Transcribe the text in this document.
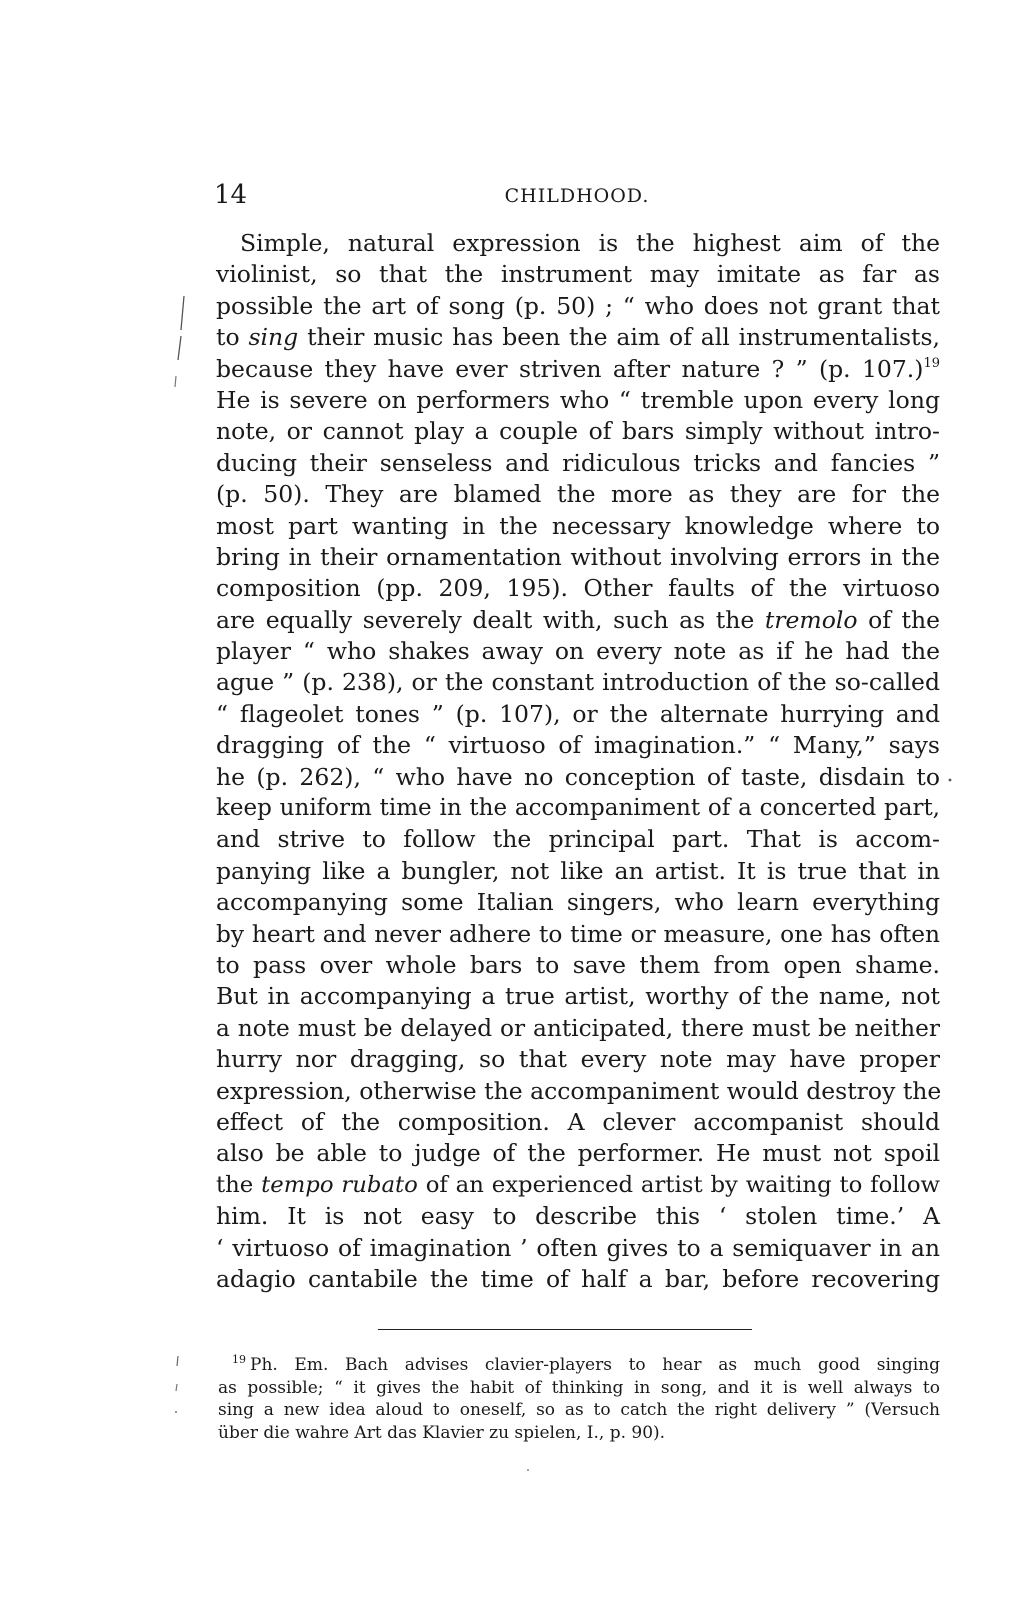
14	CHILDHOOD.
Simple, natural expression is the highest aim of the
violinist, so that the instrument may imitate as far as
possible the art of song (p. 50) ; “ who does not grant that
to sing their music has been the aim of all instrumentalists,
because they have ever striven after nature ? ” (p. 107.)$^{19}$
He is severe on performers who “ tremble upon every long
note, or cannot play a couple of bars simply without intro-
ducing their senseless and ridiculous tricks and fancies ”
(p. 50). They are blamed the more as they are for the
most part wanting in the necessary knowledge where to
bring in their ornamentation without involving errors in the
composition (pp. 209, 195). Other faults of the virtuoso
are equally severely dealt with, such as the tremolo of the
player “ who shakes away on every note as if he had the
ague ” (p. 238), or the constant introduction of the so-called
“ flageolet tones ” (p. 107), or the alternate hurrying and
dragging of the “ virtuoso of imagination.” “ Many,” says
he (p. 262), “ who have no conception of taste, disdain to
keep uniform time in the accompaniment of a concerted part,
and strive to follow the principal part. That is accom-
panying like a bungler, not like an artist. It is true that in
accompanying some Italian singers, who learn everything
by heart and never adhere to time or measure, one has often
to pass over whole bars to save them from open shame.
But in accompanying a true artist, worthy of the name, not
a note must be delayed or anticipated, there must be neither
hurry nor dragging, so that every note may have proper
expression, otherwise the accompaniment would destroy the
effect of the composition. A clever accompanist should
also be able to judge of the performer. He must not spoil
the tempo rubato of an experienced artist by waiting to follow
him. It is not easy to describe this ‘ stolen time.’ A
‘ virtuoso of imagination ’ often gives to a semiquaver in an
adagio cantabile the time of half a bar, before recovering
$^{19}$ Ph. Em. Bach advises clavier-players to hear as much good singing
as possible; “ it gives the habit of thinking in song, and it is well always to
sing a new idea aloud to oneself, so as to catch the right delivery ” (Versuch
über die wahre Art das Klavier zu spielen, I., p. 90).
